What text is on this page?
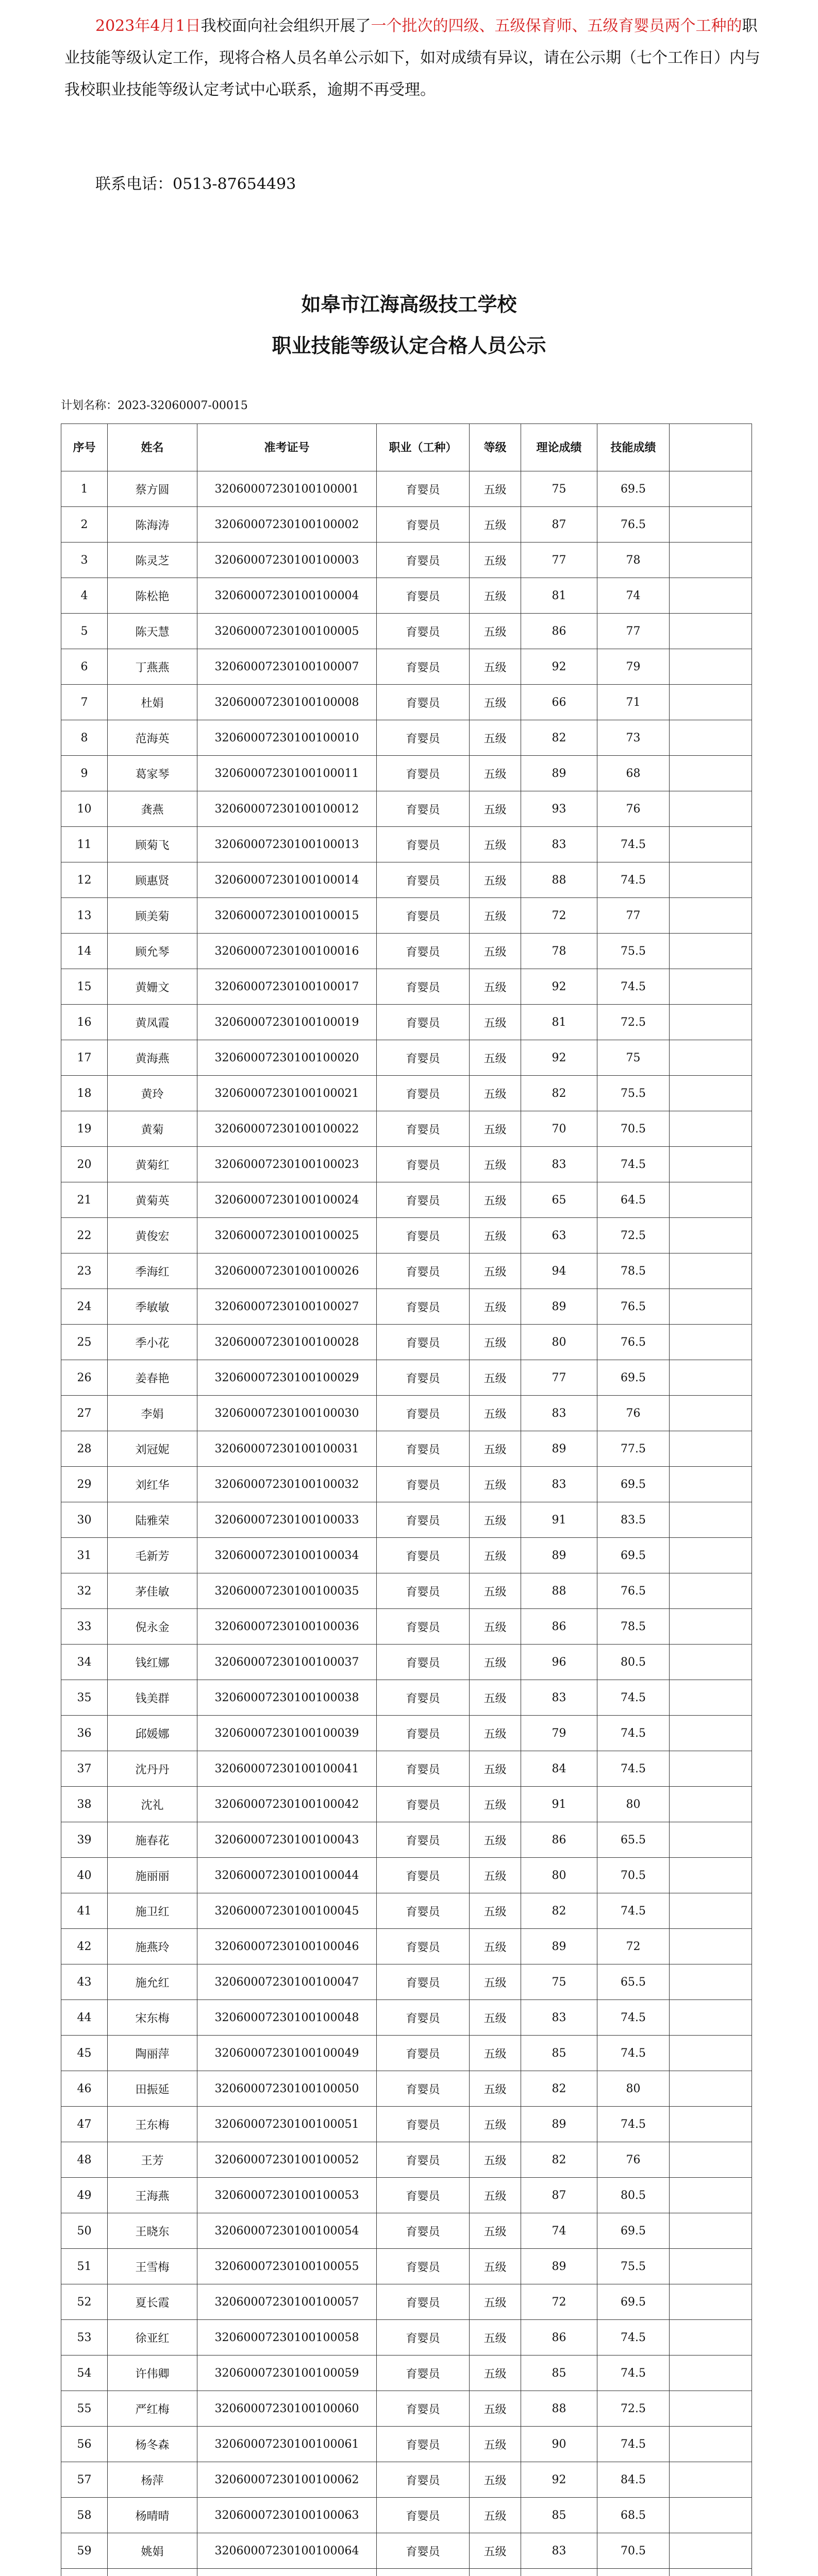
2023年4月1日我校面向社会组织开展了一个批次的四级、五级保育师、五级育婴员两个工种的职业技能等级认定工作，现将合格人员名单公示如下，如对成绩有异议，请在公示期（七个工作日）内与我校职业技能等级认定考试中心联系，逾期不再受理。
联系电话：0513-87654493
如皋市江海高级技工学校
职业技能等级认定合格人员公示
计划名称：2023-32060007-00015
序号	姓名	准考证号	职业（工种）	等级	理论成绩	技能成绩	
1	蔡方圆	32060007230100100001	育婴员	五级	75	69.5	
2	陈海涛	32060007230100100002	育婴员	五级	87	76.5	
3	陈灵芝	32060007230100100003	育婴员	五级	77	78	
4	陈松艳	32060007230100100004	育婴员	五级	81	74	
5	陈天慧	32060007230100100005	育婴员	五级	86	77	
6	丁燕燕	32060007230100100007	育婴员	五级	92	79	
7	杜娟	32060007230100100008	育婴员	五级	66	71	
8	范海英	32060007230100100010	育婴员	五级	82	73	
9	葛家琴	32060007230100100011	育婴员	五级	89	68	
10	龚燕	32060007230100100012	育婴员	五级	93	76	
11	顾菊飞	32060007230100100013	育婴员	五级	83	74.5	
12	顾惠贤	32060007230100100014	育婴员	五级	88	74.5	
13	顾美菊	32060007230100100015	育婴员	五级	72	77	
14	顾允琴	32060007230100100016	育婴员	五级	78	75.5	
15	黄姗文	32060007230100100017	育婴员	五级	92	74.5	
16	黄凤霞	32060007230100100019	育婴员	五级	81	72.5	
17	黄海燕	32060007230100100020	育婴员	五级	92	75	
18	黄玲	32060007230100100021	育婴员	五级	82	75.5	
19	黄菊	32060007230100100022	育婴员	五级	70	70.5	
20	黄菊红	32060007230100100023	育婴员	五级	83	74.5	
21	黄菊英	32060007230100100024	育婴员	五级	65	64.5	
22	黄俊宏	32060007230100100025	育婴员	五级	63	72.5	
23	季海红	32060007230100100026	育婴员	五级	94	78.5	
24	季敏敏	32060007230100100027	育婴员	五级	89	76.5	
25	季小花	32060007230100100028	育婴员	五级	80	76.5	
26	姜春艳	32060007230100100029	育婴员	五级	77	69.5	
27	李娟	32060007230100100030	育婴员	五级	83	76	
28	刘冠妮	32060007230100100031	育婴员	五级	89	77.5	
29	刘红华	32060007230100100032	育婴员	五级	83	69.5	
30	陆雅荣	32060007230100100033	育婴员	五级	91	83.5	
31	毛新芳	32060007230100100034	育婴员	五级	89	69.5	
32	茅佳敏	32060007230100100035	育婴员	五级	88	76.5	
33	倪永金	32060007230100100036	育婴员	五级	86	78.5	
34	钱红娜	32060007230100100037	育婴员	五级	96	80.5	
35	钱美群	32060007230100100038	育婴员	五级	83	74.5	
36	邱媛娜	32060007230100100039	育婴员	五级	79	74.5	
37	沈丹丹	32060007230100100041	育婴员	五级	84	74.5	
38	沈礼	32060007230100100042	育婴员	五级	91	80	
39	施春花	32060007230100100043	育婴员	五级	86	65.5	
40	施丽丽	32060007230100100044	育婴员	五级	80	70.5	
41	施卫红	32060007230100100045	育婴员	五级	82	74.5	
42	施燕玲	32060007230100100046	育婴员	五级	89	72	
43	施允红	32060007230100100047	育婴员	五级	75	65.5	
44	宋东梅	32060007230100100048	育婴员	五级	83	74.5	
45	陶丽萍	32060007230100100049	育婴员	五级	85	74.5	
46	田振延	32060007230100100050	育婴员	五级	82	80	
47	王东梅	32060007230100100051	育婴员	五级	89	74.5	
48	王芳	32060007230100100052	育婴员	五级	82	76	
49	王海燕	32060007230100100053	育婴员	五级	87	80.5	
50	王晓东	32060007230100100054	育婴员	五级	74	69.5	
51	王雪梅	32060007230100100055	育婴员	五级	89	75.5	
52	夏长霞	32060007230100100057	育婴员	五级	72	69.5	
53	徐亚红	32060007230100100058	育婴员	五级	86	74.5	
54	许伟卿	32060007230100100059	育婴员	五级	85	74.5	
55	严红梅	32060007230100100060	育婴员	五级	88	72.5	
56	杨冬森	32060007230100100061	育婴员	五级	90	74.5	
57	杨萍	32060007230100100062	育婴员	五级	92	84.5	
58	杨晴晴	32060007230100100063	育婴员	五级	85	68.5	
59	姚娟	32060007230100100064	育婴员	五级	83	70.5	
